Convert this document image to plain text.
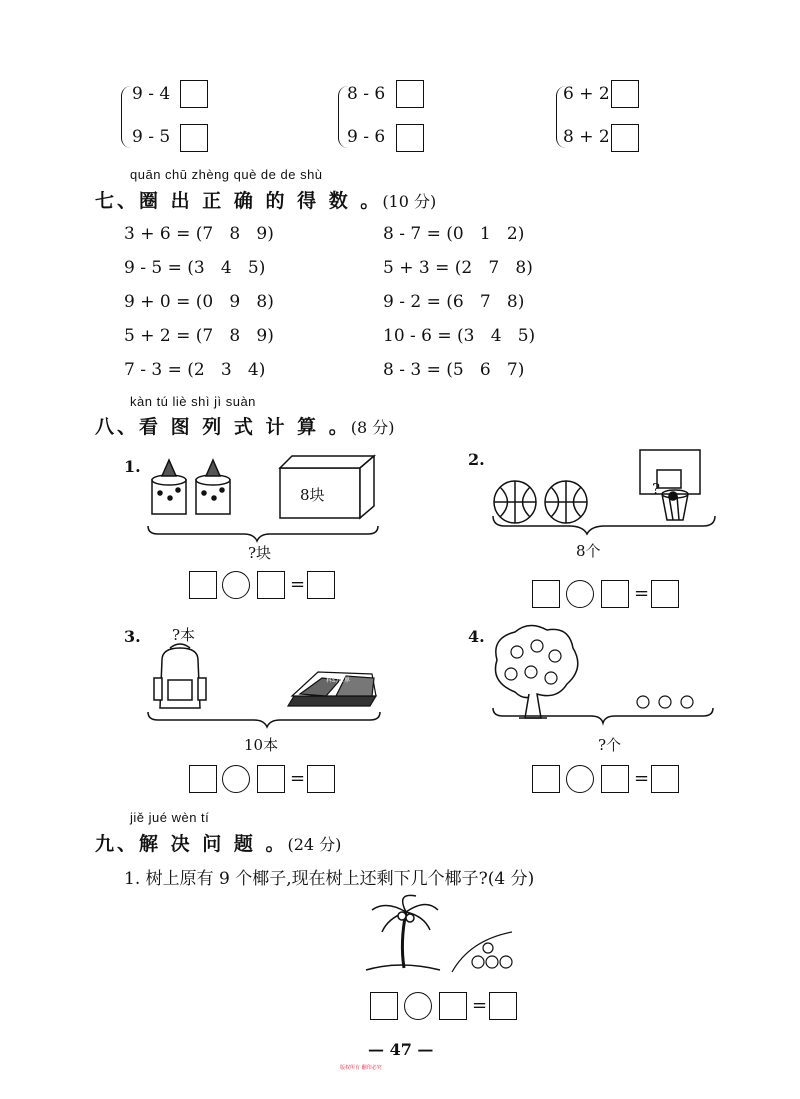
9 - 4
9 - 5
8 - 6
9 - 6
6 + 2
8 + 2
quān chū zhèng què de de shù
七、圈 出 正 确 的 得 数 。(10 分)
3 + 6 = (7   8   9)
9 - 5 = (3   4   5)
9 + 0 = (0   9   8)
5 + 2 = (7   8   9)
7 - 3 = (2   3   4)
8 - 7 = (0   1   2)
5 + 3 = (2   7   8)
9 - 2 = (6   7   8)
10 - 6 = (3   4   5)
8 - 3 = (5   6   7)
kàn tú liè shì jì suàn
八、看 图 列 式 计 算 。(8 分)
1.
8块
?块
=
2.
?
8个
=
3. ?本
科幻世界
10本
=
4.
?个
=
jiě jué wèn tí
九、解 决 问 题 。(24 分)
1. 树上原有 9 个椰子,现在树上还剩下几个椰子?(4 分)
=
— 47 —
版权所有 翻印必究
